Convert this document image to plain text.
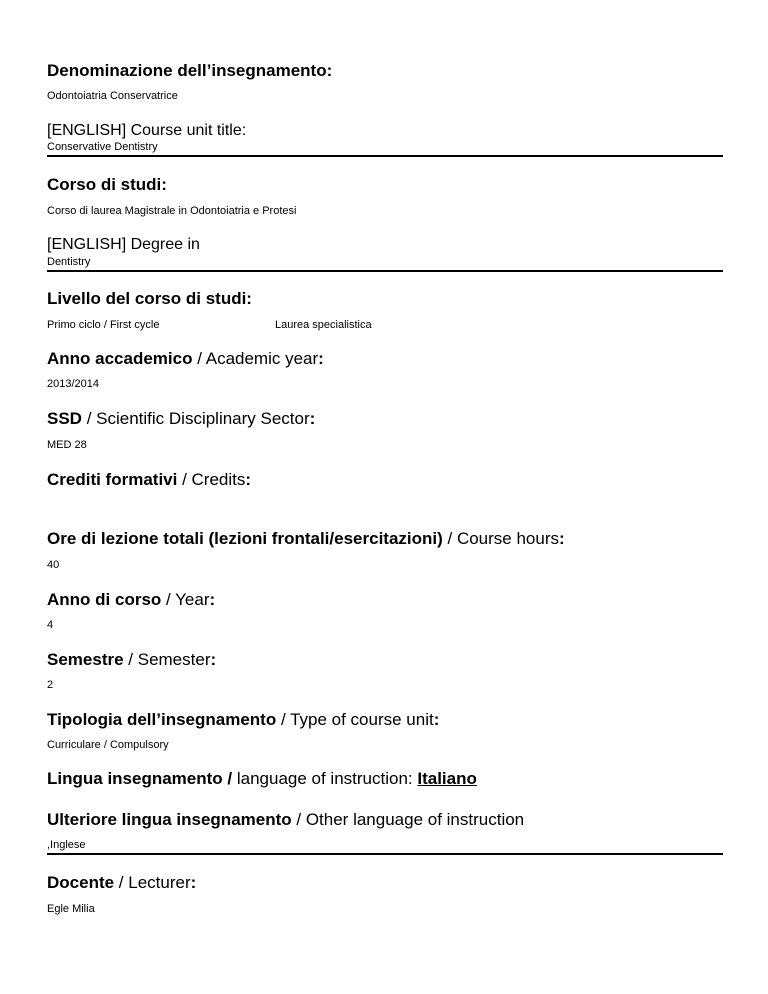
Denominazione dell’insegnamento:
Odontoiatria Conservatrice
[ENGLISH] Course unit title:
Conservative Dentistry
Corso di studi:
Corso di laurea Magistrale in Odontoiatria e Protesi
[ENGLISH] Degree in
Dentistry
Livello del corso di studi:
Primo ciclo / First cycle	Laurea specialistica
Anno accademico / Academic year:
2013/2014
SSD / Scientific Disciplinary Sector:
MED 28
Crediti formativi / Credits:
Ore di lezione totali (lezioni frontali/esercitazioni) / Course hours:
40
Anno di corso / Year:
4
Semestre / Semester:
2
Tipologia dell’insegnamento / Type of course unit:
Curriculare / Compulsory
Lingua insegnamento / language of instruction: Italiano
Ulteriore lingua insegnamento / Other language of instruction
,Inglese
Docente / Lecturer:
Egle Milia
